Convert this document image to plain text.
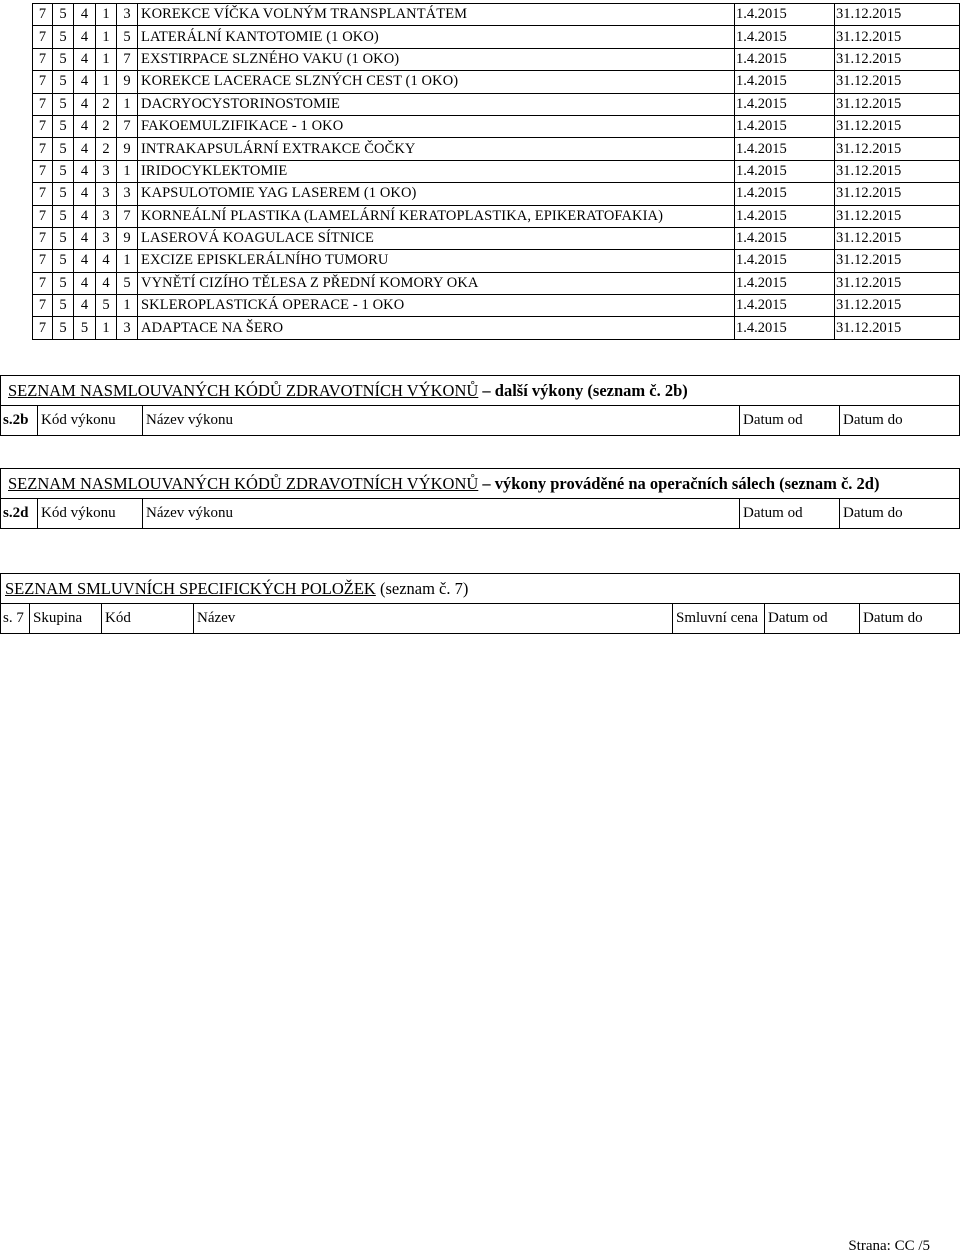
7	5	4	1	3	KOREKCE VÍČKA VOLNÝM TRANSPLANTÁTEM	1.4.2015	31.12.2015
7	5	4	1	5	LATERÁLNÍ KANTOTOMIE (1 OKO)	1.4.2015	31.12.2015
7	5	4	1	7	EXSTIRPACE SLZNÉHO VAKU (1 OKO)	1.4.2015	31.12.2015
7	5	4	1	9	KOREKCE LACERACE SLZNÝCH CEST (1 OKO)	1.4.2015	31.12.2015
7	5	4	2	1	DACRYOCYSTORINOSTOMIE	1.4.2015	31.12.2015
7	5	4	2	7	FAKOEMULZIFIKACE - 1 OKO	1.4.2015	31.12.2015
7	5	4	2	9	INTRAKAPSULÁRNÍ EXTRAKCE ČOČKY	1.4.2015	31.12.2015
7	5	4	3	1	IRIDOCYKLEKTOMIE	1.4.2015	31.12.2015
7	5	4	3	3	KAPSULOTOMIE YAG LASEREM (1 OKO)	1.4.2015	31.12.2015
7	5	4	3	7	KORNEÁLNÍ PLASTIKA (LAMELÁRNÍ KERATOPLASTIKA, EPIKERATOFAKIA)	1.4.2015	31.12.2015
7	5	4	3	9	LASEROVÁ KOAGULACE SÍTNICE	1.4.2015	31.12.2015
7	5	4	4	1	EXCIZE EPISKLERÁLNÍHO TUMORU	1.4.2015	31.12.2015
7	5	4	4	5	VYNĚTÍ CIZÍHO TĚLESA Z PŘEDNÍ KOMORY OKA	1.4.2015	31.12.2015
7	5	4	5	1	SKLEROPLASTICKÁ OPERACE - 1 OKO	1.4.2015	31.12.2015
7	5	5	1	3	ADAPTACE NA ŠERO	1.4.2015	31.12.2015
SEZNAM NASMLOUVANÝCH KÓDŮ ZDRAVOTNÍCH VÝKONŮ – další výkony (seznam č. 2b)
s.2b	Kód výkonu	Název výkonu	Datum od	Datum do
SEZNAM NASMLOUVANÝCH KÓDŮ ZDRAVOTNÍCH VÝKONŮ – výkony prováděné na operačních sálech (seznam č. 2d)
s.2d	Kód výkonu	Název výkonu	Datum od	Datum do
SEZNAM SMLUVNÍCH SPECIFICKÝCH POLOŽEK (seznam č. 7)
s. 7	Skupina	Kód	Název	Smluvní cena	Datum od	Datum do
Strana: CC /5
